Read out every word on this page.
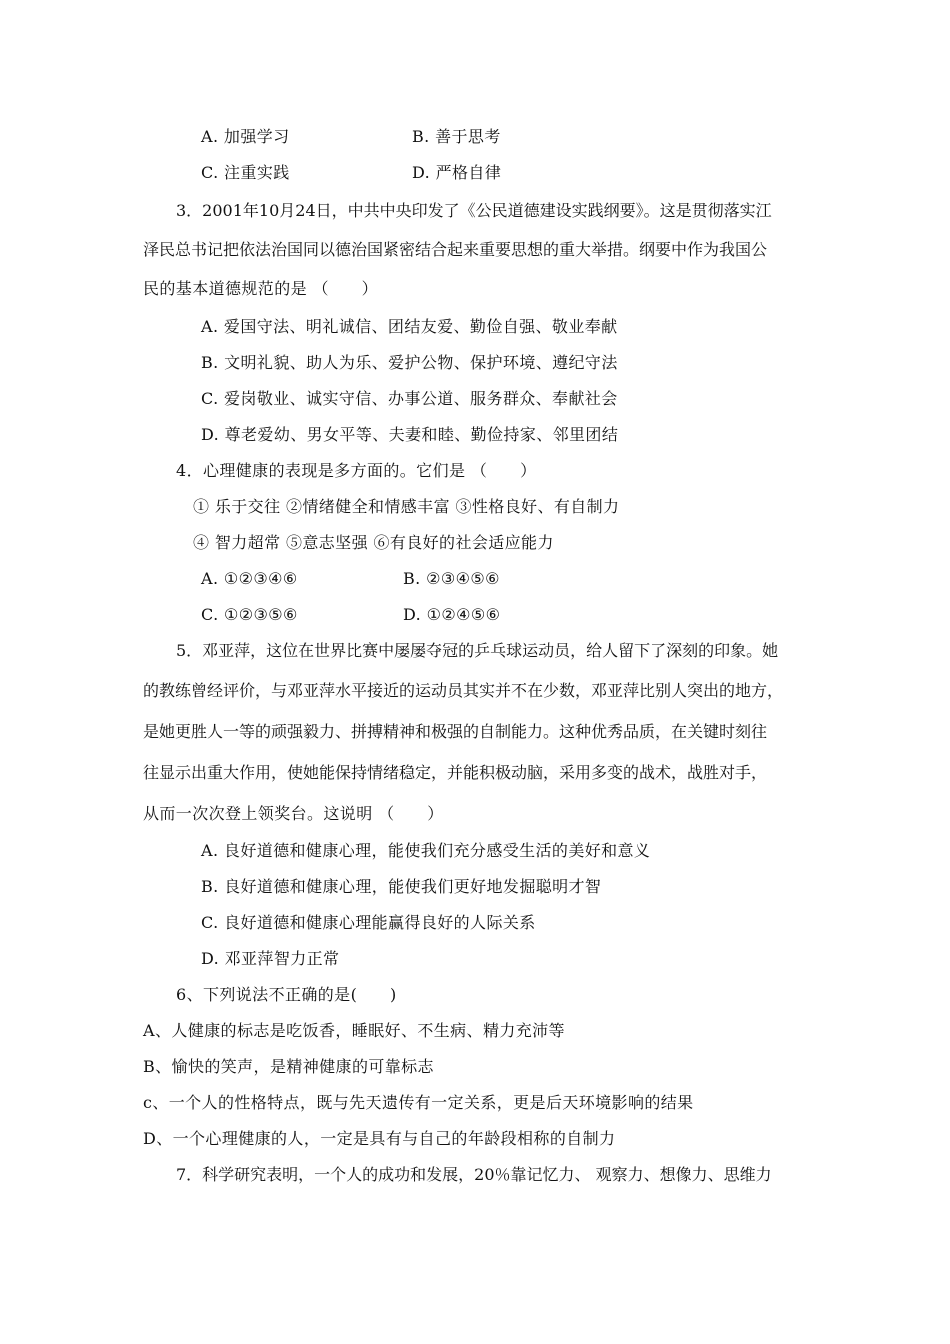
A. 加强学习	B. 善于思考
C. 注重实践	D. 严格自律
3．2001年10月24日，中共中央印发了《公民道德建设实践纲要》。这是贯彻落实江
泽民总书记把依法治国同以德治国紧密结合起来重要思想的重大举措。纲要中作为我国公
民的基本道德规范的是 （　　）
A. 爱国守法、明礼诚信、团结友爱、勤俭自强、敬业奉献
B. 文明礼貌、助人为乐、爱护公物、保护环境、遵纪守法
C. 爱岗敬业、诚实守信、办事公道、服务群众、奉献社会
D. 尊老爱幼、男女平等、夫妻和睦、勤俭持家、邻里团结
4．心理健康的表现是多方面的。它们是 （　　）
① 乐于交往 ②情绪健全和情感丰富 ③性格良好、有自制力
④ 智力超常 ⑤意志坚强 ⑥有良好的社会适应能力
A. ①②③④⑥	B. ②③④⑤⑥
C. ①②③⑤⑥	D. ①②④⑤⑥
5．邓亚萍，这位在世界比赛中屡屡夺冠的乒乓球运动员，给人留下了深刻的印象。她
的教练曾经评价，与邓亚萍水平接近的运动员其实并不在少数，邓亚萍比别人突出的地方，
是她更胜人一等的顽强毅力、拼搏精神和极强的自制能力。这种优秀品质，在关键时刻往
往显示出重大作用，使她能保持情绪稳定，并能积极动脑，采用多变的战术，战胜对手，
从而一次次登上领奖台。这说明 （　　）
A. 良好道德和健康心理，能使我们充分感受生活的美好和意义
B. 良好道德和健康心理，能使我们更好地发掘聪明才智
C. 良好道德和健康心理能赢得良好的人际关系
D. 邓亚萍智力正常
6、下列说法不正确的是(　　)
A、人健康的标志是吃饭香，睡眠好、不生病、精力充沛等
B、愉快的笑声，是精神健康的可靠标志
c、一个人的性格特点，既与先天遗传有一定关系，更是后天环境影响的结果
D、一个心理健康的人，一定是具有与自己的年龄段相称的自制力
7．科学研究表明，一个人的成功和发展，20％靠记忆力、 观察力、想像力、思维力
